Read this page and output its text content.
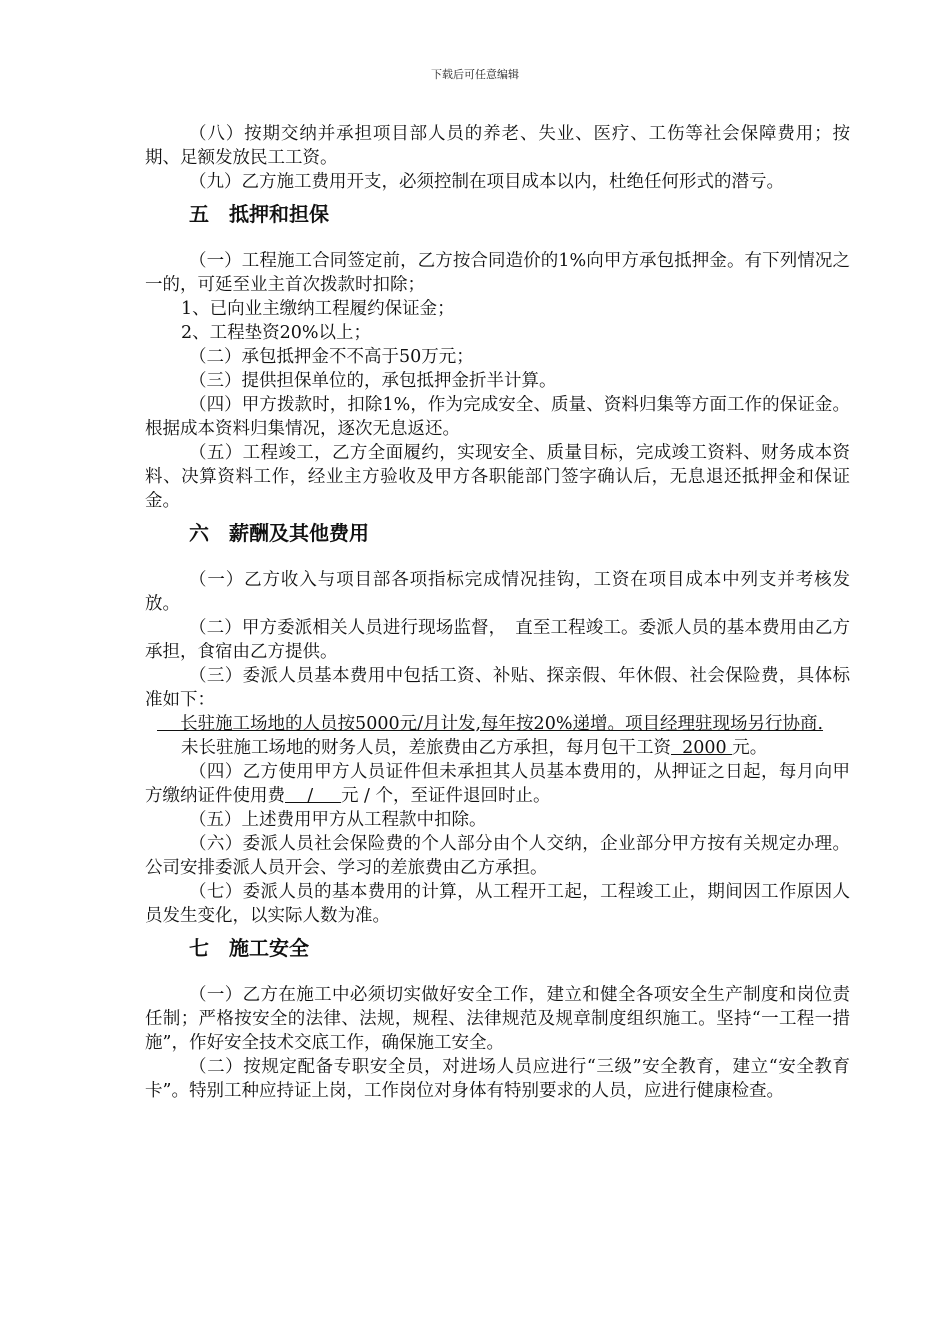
下载后可任意编辑

（八）按期交纳并承担项目部人员的养老、失业、医疗、工伤等社会保障费用；按期、足额发放民工工资。

（九）乙方施工费用开支，必须控制在项目成本以内，杜绝任何形式的潜亏。

五 抵押和担保

（一）工程施工合同签定前，乙方按合同造价的1%向甲方承包抵押金。有下列情况之一的，可延至业主首次拨款时扣除；

1、已向业主缴纳工程履约保证金；

2、工程垫资20%以上；

（二）承包抵押金不不高于50万元；

（三）提供担保单位的，承包抵押金折半计算。

（四）甲方拨款时，扣除1%，作为完成安全、质量、资料归集等方面工作的保证金。根据成本资料归集情况，逐次无息返还。

（五）工程竣工，乙方全面履约，实现安全、质量目标，完成竣工资料、财务成本资料、决算资料工作，经业主方验收及甲方各职能部门签字确认后，无息退还抵押金和保证金。

六 薪酬及其他费用

（一）乙方收入与项目部各项指标完成情况挂钩，工资在项目成本中列支并考核发放。

（二）甲方委派相关人员进行现场监督，　直至工程竣工。委派人员的基本费用由乙方承担，食宿由乙方提供。

（三）委派人员基本费用中包括工资、补贴、探亲假、年休假、社会保险费，具体标准如下：

　 长驻施工场地的人员按5000元/月计发,每年按20%递增。项目经理驻现场另行协商.

未长驻施工场地的财务人员，差旅费由乙方承担，每月包干工资  2000 元。

（四）乙方使用甲方人员证件但未承担其人员基本费用的，从押证之日起，每月向甲方缴纳证件使用费    /     元 / 个，至证件退回时止。

（五）上述费用甲方从工程款中扣除。

（六）委派人员社会保险费的个人部分由个人交纳，企业部分甲方按有关规定办理。公司安排委派人员开会、学习的差旅费由乙方承担。

（七）委派人员的基本费用的计算，从工程开工起，工程竣工止，期间因工作原因人员发生变化，以实际人数为准。

七 施工安全

（一）乙方在施工中必须切实做好安全工作，建立和健全各项安全生产制度和岗位责任制；严格按安全的法律、法规，规程、法律规范及规章制度组织施工。坚持“一工程一措施”，作好安全技术交底工作，确保施工安全。

（二）按规定配备专职安全员，对进场人员应进行“三级”安全教育，建立“安全教育卡”。特别工种应持证上岗，工作岗位对身体有特别要求的人员，应进行健康检查。
